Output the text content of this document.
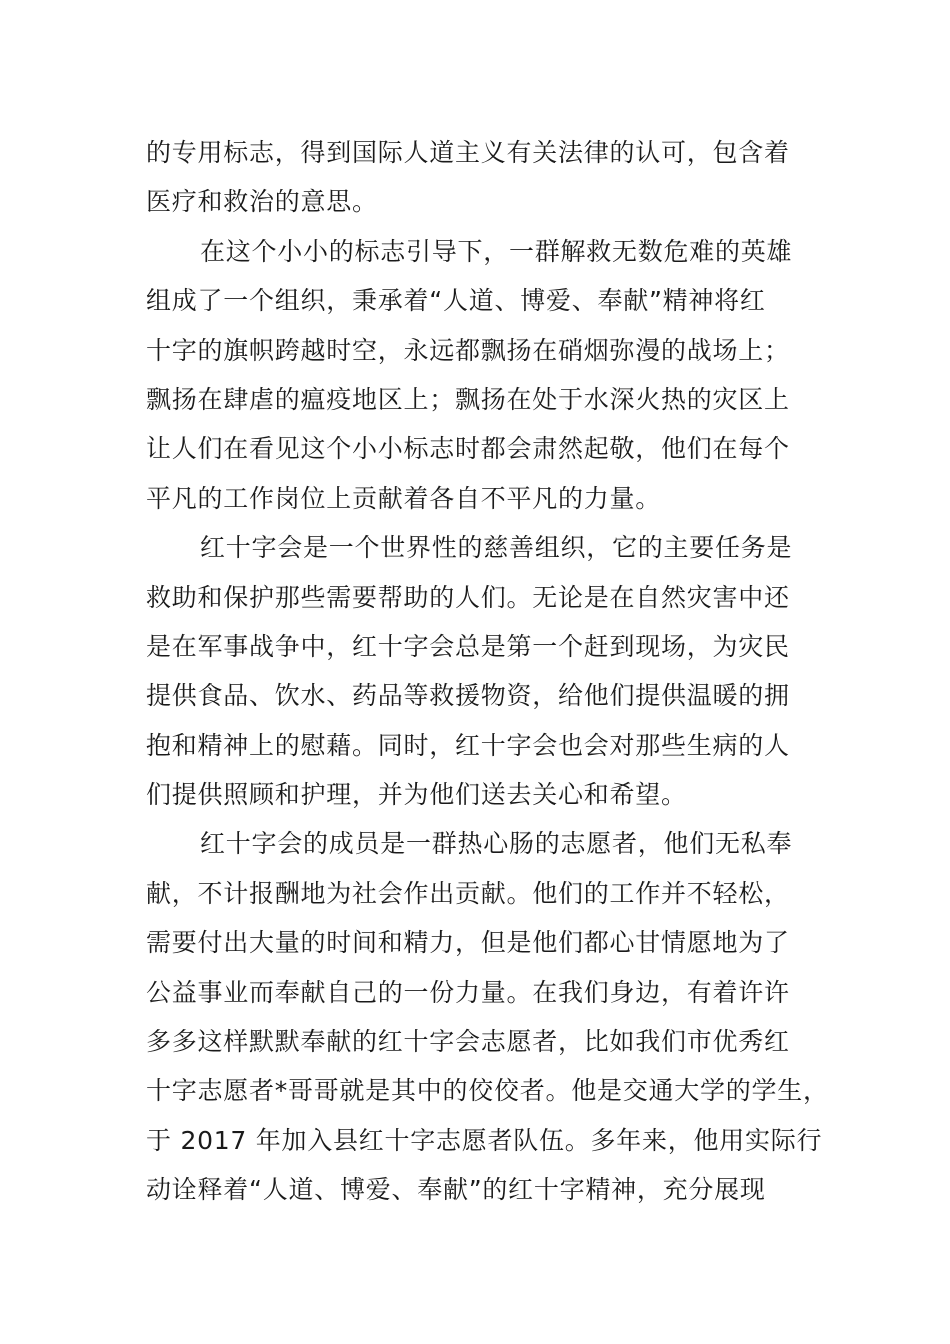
的专用标志，得到国际人道主义有关法律的认可，包含着
医疗和救治的意思。
在这个小小的标志引导下，一群解救无数危难的英雄
组成了一个组织，秉承着“人道、博爱、奉献”精神将红
十字的旗帜跨越时空，永远都飘扬在硝烟弥漫的战场上；
飘扬在肆虐的瘟疫地区上；飘扬在处于水深火热的灾区上
让人们在看见这个小小标志时都会肃然起敬，他们在每个
平凡的工作岗位上贡献着各自不平凡的力量。
红十字会是一个世界性的慈善组织，它的主要任务是
救助和保护那些需要帮助的人们。无论是在自然灾害中还
是在军事战争中，红十字会总是第一个赶到现场，为灾民
提供食品、饮水、药品等救援物资，给他们提供温暖的拥
抱和精神上的慰藉。同时，红十字会也会对那些生病的人
们提供照顾和护理，并为他们送去关心和希望。
红十字会的成员是一群热心肠的志愿者，他们无私奉
献，不计报酬地为社会作出贡献。他们的工作并不轻松，
需要付出大量的时间和精力，但是他们都心甘情愿地为了
公益事业而奉献自己的一份力量。在我们身边，有着许许
多多这样默默奉献的红十字会志愿者，比如我们市优秀红
十字志愿者*哥哥就是其中的佼佼者。他是交通大学的学生，
于 2017 年加入县红十字志愿者队伍。多年来，他用实际行
动诠释着“人道、博爱、奉献”的红十字精神，充分展现
